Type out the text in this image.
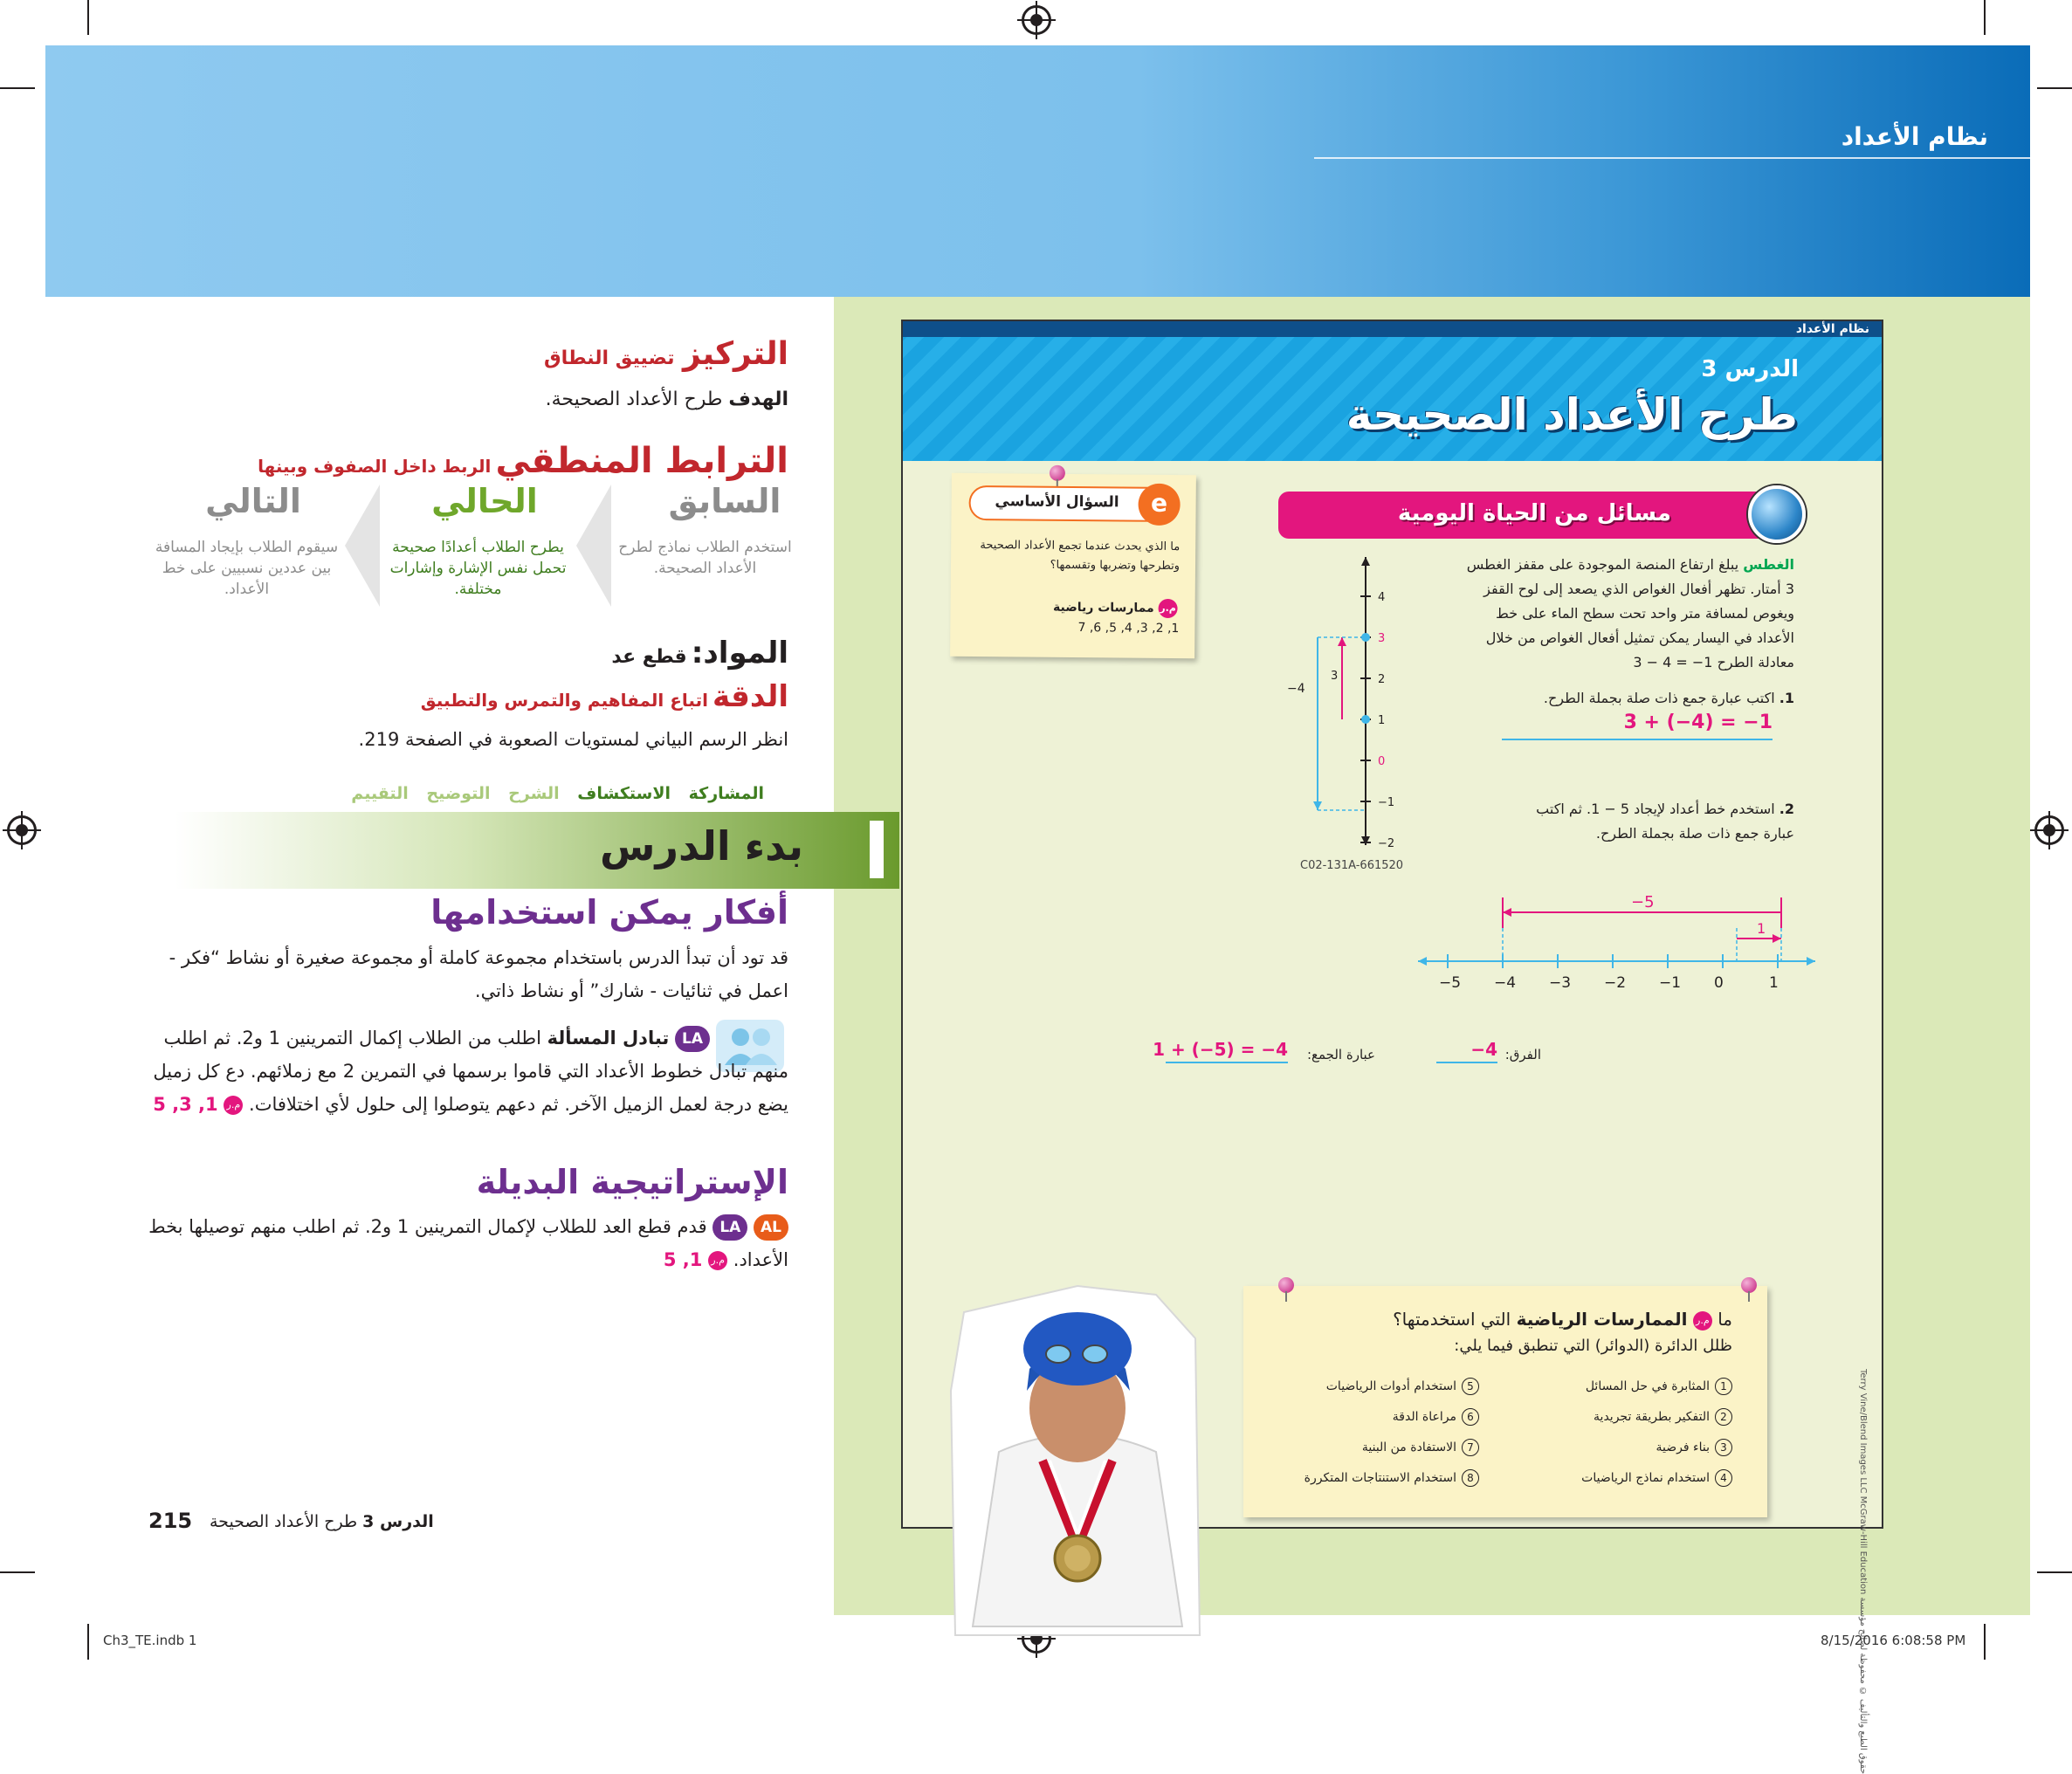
نظام الأعداد
نظام الأعداد
الدرس 3
طرح الأعداد الصحيحة
مسائل من الحياة اليومية
السؤال الأساسي	e
ما الذي يحدث عندما تجمع الأعداد الصحيحة وتطرحها وتضربها وتقسمها؟
م.ر ممارسات رياضية
1, 2, 3, 4, 5, 6, 7
الغطس يبلغ ارتفاع المنصة الموجودة على مقفز الغطس 3 أمتار. تظهر أفعال الغواص الذي يصعد إلى لوح القفز ويغوص لمسافة متر واحد تحت سطح الماء على خط الأعداد في اليسار يمكن تمثيل أفعال الغواص من خلال معادلة الطرح 1− = 4 − 3
4
3
2
1
0
−1
−2
−4
3
1. اكتب عبارة جمع ذات صلة بجملة الطرح.
3 + (−4) = −1
2. استخدم خط أعداد لإيجاد 5 − 1. ثم اكتب عبارة جمع ذات صلة بجملة الطرح.
C02-131A-661520
−5 −4 −3 −2 −1 0	1
−5
1
الفرق:
−4
عبارة الجمع:
1 + (−5) = −4
ما م.ر الممارسات الرياضية التي استخدمتها؟
ظلل الدائرة (الدوائر) التي تنطبق فيما يلي:
1المثابرة في حل المسائل
2التفكير بطريقة تجريدية
3بناء فرضية
4استخدام نماذج الرياضيات
5استخدام أدوات الرياضيات
6مراعاة الدقة
7الاستفادة من البنية
8استخدام الاستنتاجات المتكررة	Terry Vine/Blend Images LLC McGraw-Hill Education حقوق الطبع والتأليف © محفوظة لصالح مؤسسة
التركيز تضييق النطاق
الهدف طرح الأعداد الصحيحة.
الترابط المنطقي الربط داخل الصفوف وبينها
السابق
استخدم الطلاب نماذج لطرح الأعداد الصحيحة.
الحالي
يطرح الطلاب أعدادًا صحيحة تحمل نفس الإشارة وإشارات مختلفة.
التالي
سيقوم الطلاب بإيجاد المسافة بين عددين نسبيين على خط الأعداد.
المواد: قطع عد
الدقة اتباع المفاهيم والتمرس والتطبيق
انظر الرسم البياني لمستويات الصعوبة في الصفحة 219.
المشاركة الاستكشاف الشرح التوضيح التقييم
بدء الدرس
أفكار يمكن استخدامها
قد تود أن تبدأ الدرس باستخدام مجموعة كاملة أو مجموعة صغيرة أو نشاط “فكر - اعمل في ثنائيات - شارك” أو نشاط ذاتي.
LA تبادل المسألة اطلب من الطلاب إكمال التمرينين 1 و2. ثم اطلب منهم تبادل خطوط الأعداد التي قاموا برسمها في التمرين 2 مع زملائهم. دع كل زميل يضع درجة لعمل الزميل الآخر. ثم دعهم يتوصلوا إلى حلول لأي اختلافات. م.ر 1, 3, 5
الإستراتيجية البديلة
AL LA قدم قطع العد للطلاب لإكمال التمرينين 1 و2. ثم اطلب منهم توصيلها بخط الأعداد. م.ر 1, 5
215	الدرس 3 طرح الأعداد الصحيحة
Ch3_TE.indb 1	8/15/2016 6:08:58 PM
